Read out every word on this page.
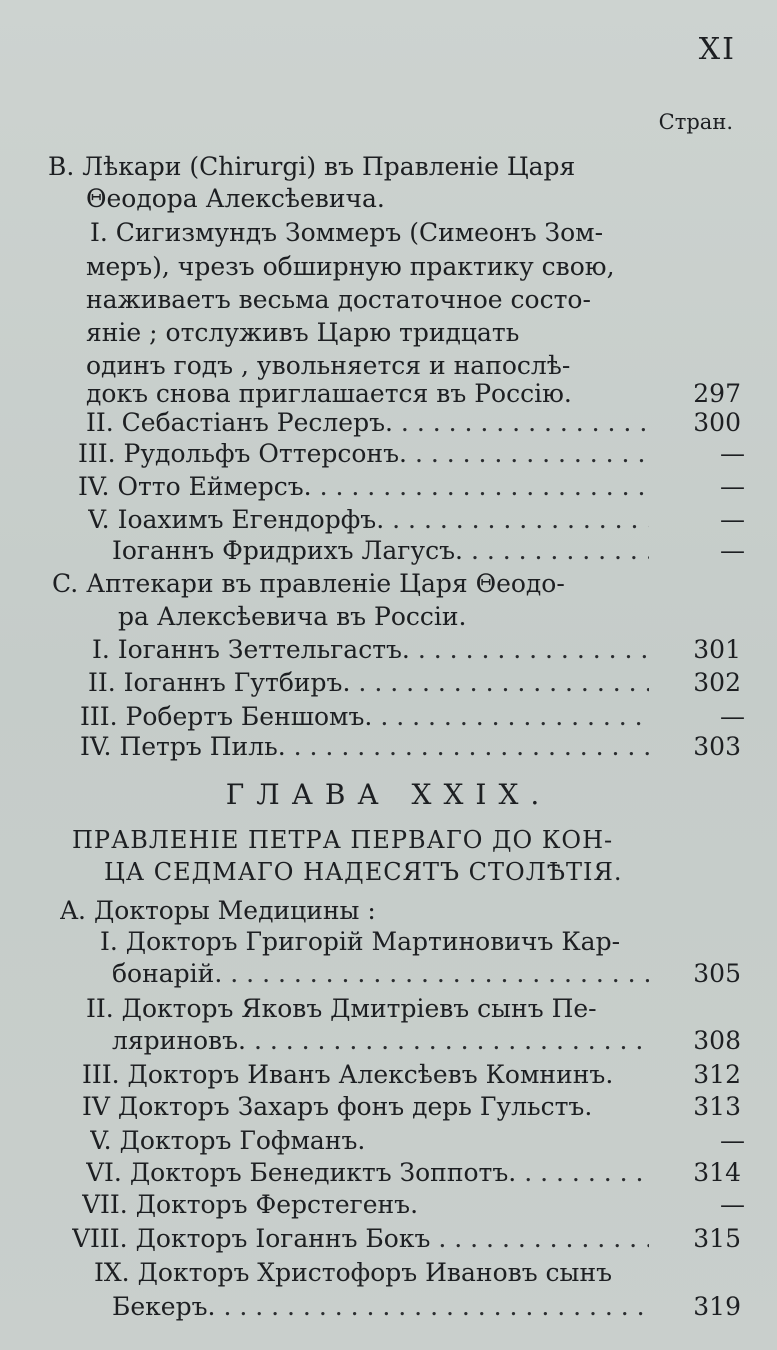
XI
Стран.
B. Лѣкари (Chirurgi) въ Правленіе Царя
Θеодора Алексѣевича.
I. Сигизмундъ Зоммеръ (Симеонъ Зом-
меръ), чрезъ обширную практику свою,
наживаетъ весьма достаточное состо-
яніе ; отслуживъ Царю тридцать
одинъ годъ , увольняется и напослѣ-
докъ снова приглашается въ Россію.	297
II. Себастіанъ Реслеръ. . . .	300
III. Рудольфъ Оттерсонъ. . . .	—
IV. Отто Еймерсъ. . . .	—
V. Іоахимъ Егендорфъ. . . .	—
Іоганнъ Фридрихъ Лагусъ. . . .	—
C. Аптекари въ правленіе Царя Θеодо-
ра Алексѣевича въ Россіи.
I. Іоганнъ Зеттельгастъ. . . .	301
II. Іоганнъ Гутбиръ. . . .	302
III. Робертъ Беншомъ. . . .	—
IV. Петръ Пиль. . . .	303
ГЛАВА XXIX.
ПРАВЛЕНІЕ ПЕТРА ПЕРВАГО ДО КОН-
ЦА СЕДМАГО НАДЕСЯТЪ СТОЛѢТІЯ.
A. Докторы Медицины :
I. Докторъ Григорій Мартиновичъ Кар-
бонарій. . . .	305
II. Докторъ Яковъ Дмитріевъ сынъ Пе-
ляриновъ. . . .	308
III. Докторъ Иванъ Алексѣевъ Комнинъ.	312
IV Докторъ Захаръ фонъ дерь Гульстъ.	313
V. Докторъ Гофманъ.	—
VI. Докторъ Бенедиктъ Зоппотъ. . . .	314
VII. Докторъ Ферстегенъ.	—
VIII. Докторъ Іоганнъ Бокъ . . .	315
IX. Докторъ Христофоръ Ивановъ сынъ
Бекеръ. . . .	319
